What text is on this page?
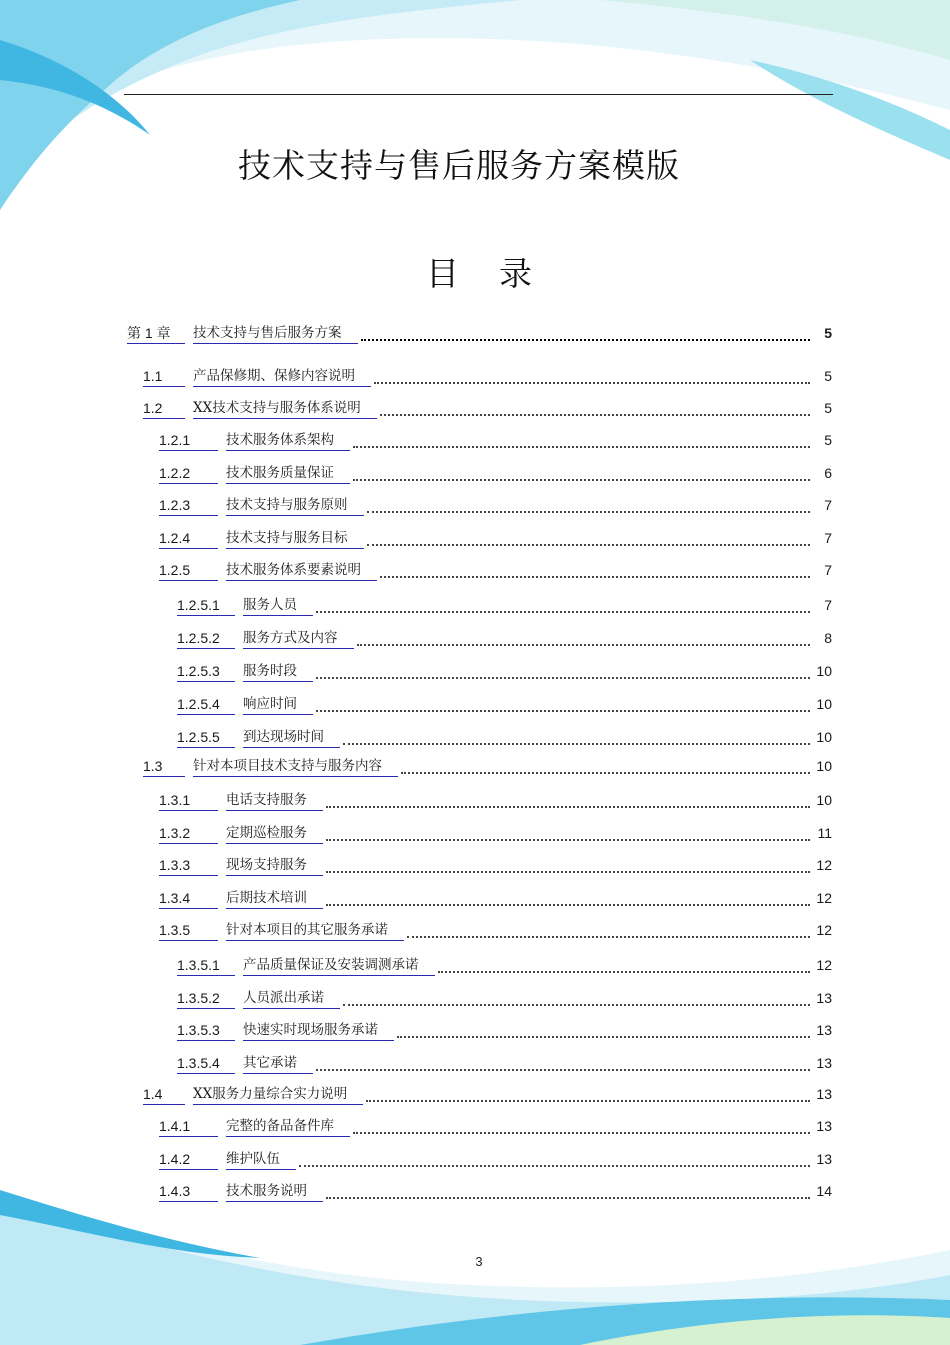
技术支持与售后服务方案模版
目 录
第 1 章	技术支持与售后服务方案	5
1.1	产品保修期、保修内容说明	5
1.2	XX技术支持与服务体系说明	5
1.2.1	技术服务体系架构	5
1.2.2	技术服务质量保证	6
1.2.3	技术支持与服务原则	7
1.2.4	技术支持与服务目标	7
1.2.5	技术服务体系要素说明	7
1.2.5.1	服务人员	7
1.2.5.2	服务方式及内容	8
1.2.5.3	服务时段	10
1.2.5.4	响应时间	10
1.2.5.5	到达现场时间	10
1.3	针对本项目技术支持与服务内容	10
1.3.1	电话支持服务	10
1.3.2	定期巡检服务	11
1.3.3	现场支持服务	12
1.3.4	后期技术培训	12
1.3.5	针对本项目的其它服务承诺	12
1.3.5.1	产品质量保证及安装调测承诺	12
1.3.5.2	人员派出承诺	13
1.3.5.3	快速实时现场服务承诺	13
1.3.5.4	其它承诺	13
1.4	XX服务力量综合实力说明	13
1.4.1	完整的备品备件库	13
1.4.2	维护队伍	13
1.4.3	技术服务说明	14
3
